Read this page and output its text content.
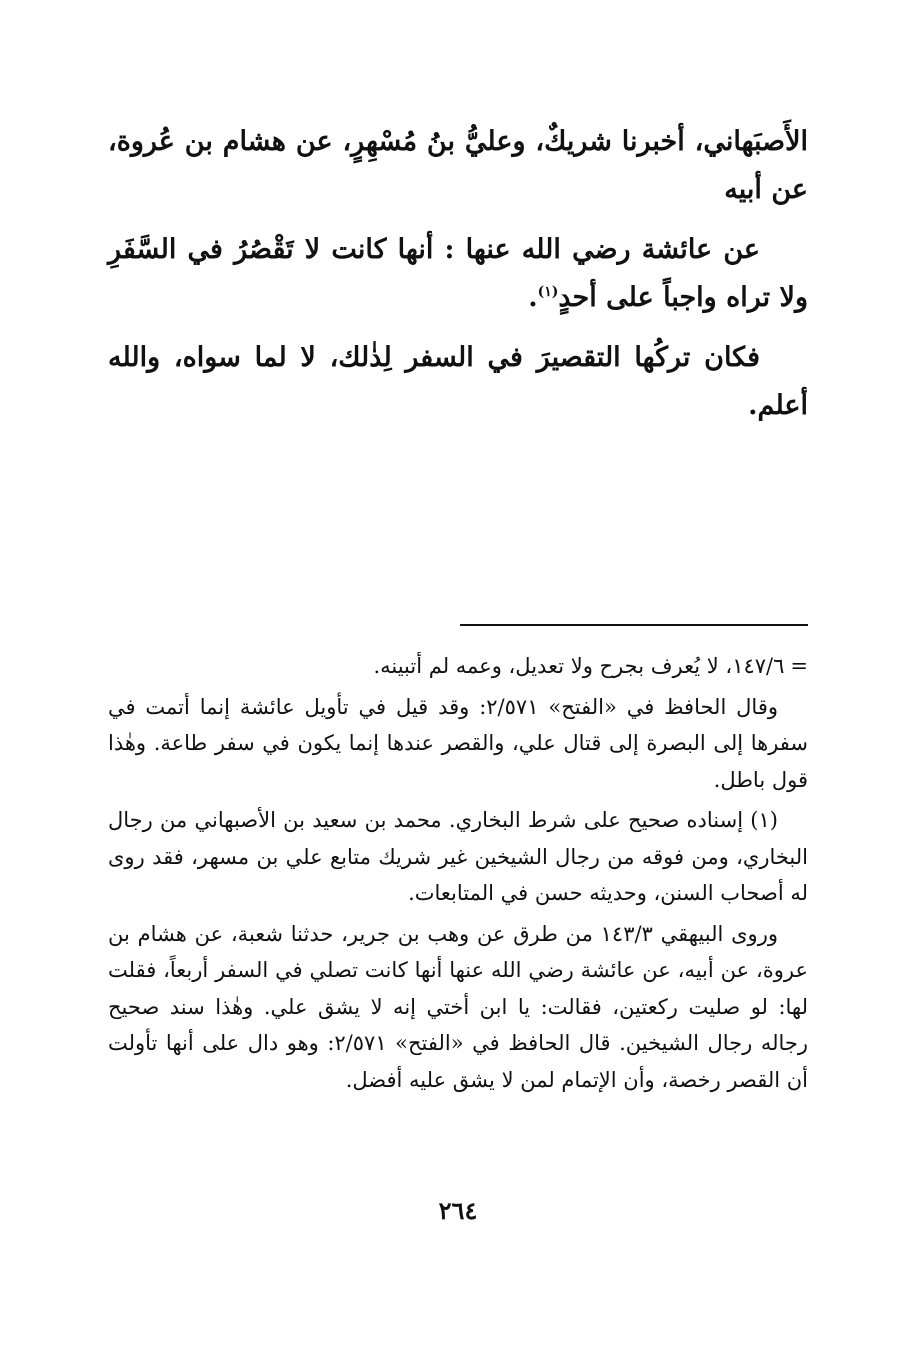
الأَصبَهاني، أخبرنا شريكٌ، وعليُّ بنُ مُسْهِرٍ، عن هشام بن عُروة، عن أبيه

عن عائشة رضي الله عنها : أنها كانت لا تَقْصُرُ في السَّفَرِ ولا تراه واجباً على أحدٍ$^{(١)}$.

فكان تركُها التقصيرَ في السفر لِذٰلك، لا لما سواه، والله أعلم.

=١٤٧/٦، لا يُعرف بجرح ولا تعديل، وعمه لم أتبينه.

وقال الحافظ في «الفتح» ٢/٥٧١: وقد قيل في تأويل عائشة إنما أتمت في سفرها إلى البصرة إلى قتال علي، والقصر عندها إنما يكون في سفر طاعة. وهٰذا قول باطل.

(١) إسناده صحيح على شرط البخاري. محمد بن سعيد بن الأصبهاني من رجال البخاري، ومن فوقه من رجال الشيخين غير شريك متابع علي بن مسهر، فقد روى له أصحاب السنن، وحديثه حسن في المتابعات.

وروى البيهقي ١٤٣/٣ من طرق عن وهب بن جرير، حدثنا شعبة، عن هشام بن عروة، عن أبيه، عن عائشة رضي الله عنها أنها كانت تصلي في السفر أربعاً، فقلت لها: لو صليت ركعتين، فقالت: يا ابن أختي إنه لا يشق علي. وهٰذا سند صحيح رجاله رجال الشيخين. قال الحافظ في «الفتح» ٢/٥٧١: وهو دال على أنها تأولت أن القصر رخصة، وأن الإتمام لمن لا يشق عليه أفضل.

٢٦٤
